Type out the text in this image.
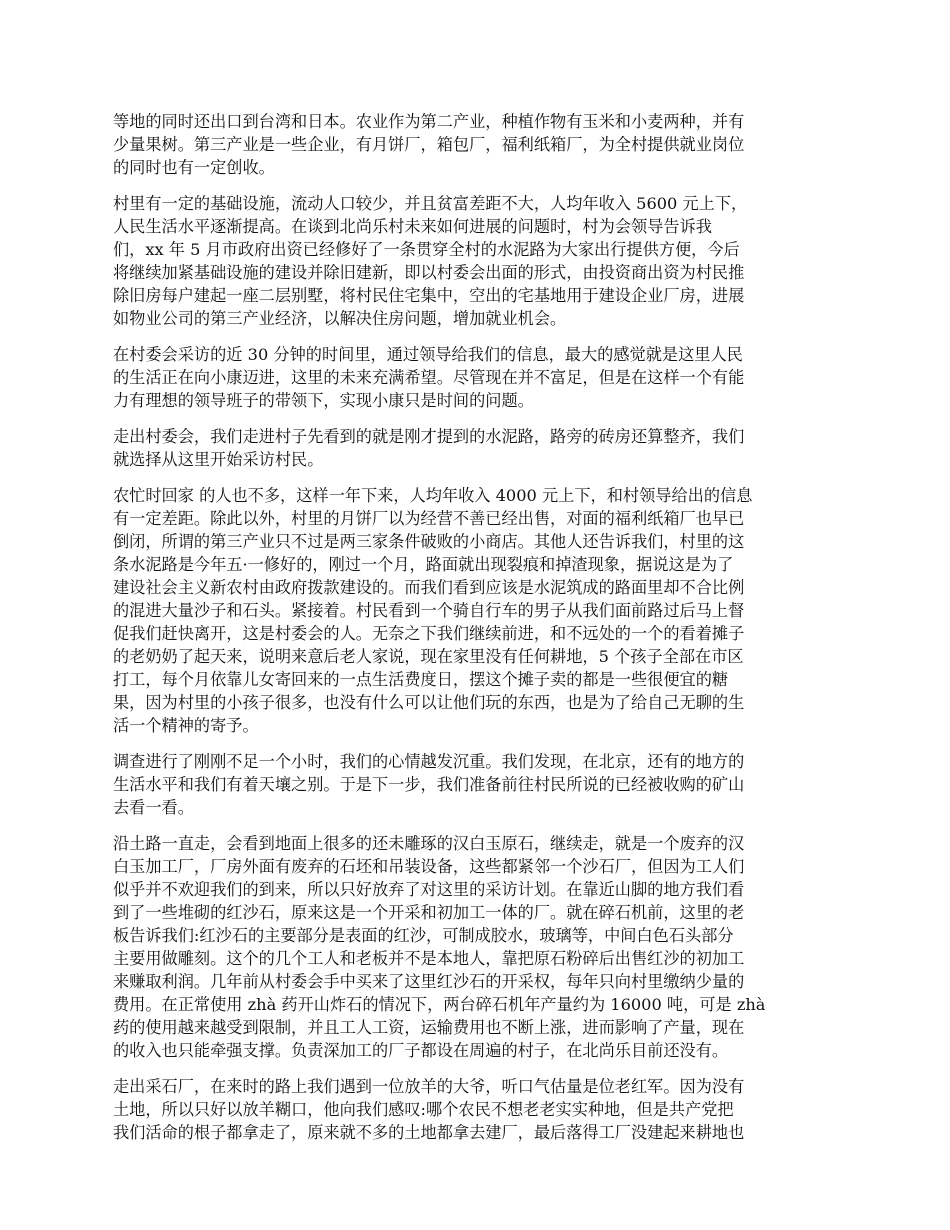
等地的同时还出口到台湾和日本。农业作为第二产业，种植作物有玉米和小麦两种，并有
少量果树。第三产业是一些企业，有月饼厂，箱包厂，福利纸箱厂，为全村提供就业岗位
的同时也有一定创收。

村里有一定的基础设施，流动人口较少，并且贫富差距不大，人均年收入 5600 元上下，
人民生活水平逐渐提高。在谈到北尚乐村未来如何进展的问题时，村为会领导告诉我
们，xx 年 5 月市政府出资已经修好了一条贯穿全村的水泥路为大家出行提供方便，今后
将继续加紧基础设施的建设并除旧建新，即以村委会出面的形式，由投资商出资为村民推
除旧房每户建起一座二层别墅，将村民住宅集中，空出的宅基地用于建设企业厂房，进展
如物业公司的第三产业经济，以解决住房问题，增加就业机会。

在村委会采访的近 30 分钟的时间里，通过领导给我们的信息，最大的感觉就是这里人民
的生活正在向小康迈进，这里的未来充满希望。尽管现在并不富足，但是在这样一个有能
力有理想的领导班子的带领下，实现小康只是时间的问题。

走出村委会，我们走进村子先看到的就是刚才提到的水泥路，路旁的砖房还算整齐，我们
就选择从这里开始采访村民。

农忙时回家 的人也不多，这样一年下来，人均年收入 4000 元上下，和村领导给出的信息
有一定差距。除此以外，村里的月饼厂以为经营不善已经出售，对面的福利纸箱厂也早已
倒闭，所谓的第三产业只不过是两三家条件破败的小商店。其他人还告诉我们，村里的这
条水泥路是今年五·一修好的，刚过一个月，路面就出现裂痕和掉渣现象，据说这是为了
建设社会主义新农村由政府拨款建设的。而我们看到应该是水泥筑成的路面里却不合比例
的混进大量沙子和石头。紧接着。村民看到一个骑自行车的男子从我们面前路过后马上督
促我们赶快离开，这是村委会的人。无奈之下我们继续前进，和不远处的一个的看着摊子
的老奶奶了起天来，说明来意后老人家说，现在家里没有任何耕地，5 个孩子全部在市区
打工，每个月依靠儿女寄回来的一点生活费度日，摆这个摊子卖的都是一些很便宜的糖
果，因为村里的小孩子很多，也没有什么可以让他们玩的东西，也是为了给自己无聊的生
活一个精神的寄予。

调查进行了刚刚不足一个小时，我们的心情越发沉重。我们发现，在北京，还有的地方的
生活水平和我们有着天壤之别。于是下一步，我们准备前往村民所说的已经被收购的矿山
去看一看。

沿土路一直走，会看到地面上很多的还未雕琢的汉白玉原石，继续走，就是一个废弃的汉
白玉加工厂，厂房外面有废弃的石坯和吊装设备，这些都紧邻一个沙石厂，但因为工人们
似乎并不欢迎我们的到来，所以只好放弃了对这里的采访计划。在靠近山脚的地方我们看
到了一些堆砌的红沙石，原来这是一个开采和初加工一体的厂。就在碎石机前，这里的老
板告诉我们:红沙石的主要部分是表面的红沙，可制成胶水，玻璃等，中间白色石头部分
主要用做雕刻。这个的几个工人和老板并不是本地人，靠把原石粉碎后出售红沙的初加工
来赚取利润。几年前从村委会手中买来了这里红沙石的开采权，每年只向村里缴纳少量的
费用。在正常使用 zhà 药开山炸石的情况下，两台碎石机年产量约为 16000 吨，可是 zhà
药的使用越来越受到限制，并且工人工资，运输费用也不断上涨，进而影响了产量，现在
的收入也只能牵强支撑。负责深加工的厂子都设在周遍的村子，在北尚乐目前还没有。

走出采石厂，在来时的路上我们遇到一位放羊的大爷，听口气估量是位老红军。因为没有
土地，所以只好以放羊糊口，他向我们感叹:哪个农民不想老老实实种地，但是共产党把
我们活命的根子都拿走了，原来就不多的土地都拿去建厂，最后落得工厂没建起来耕地也
